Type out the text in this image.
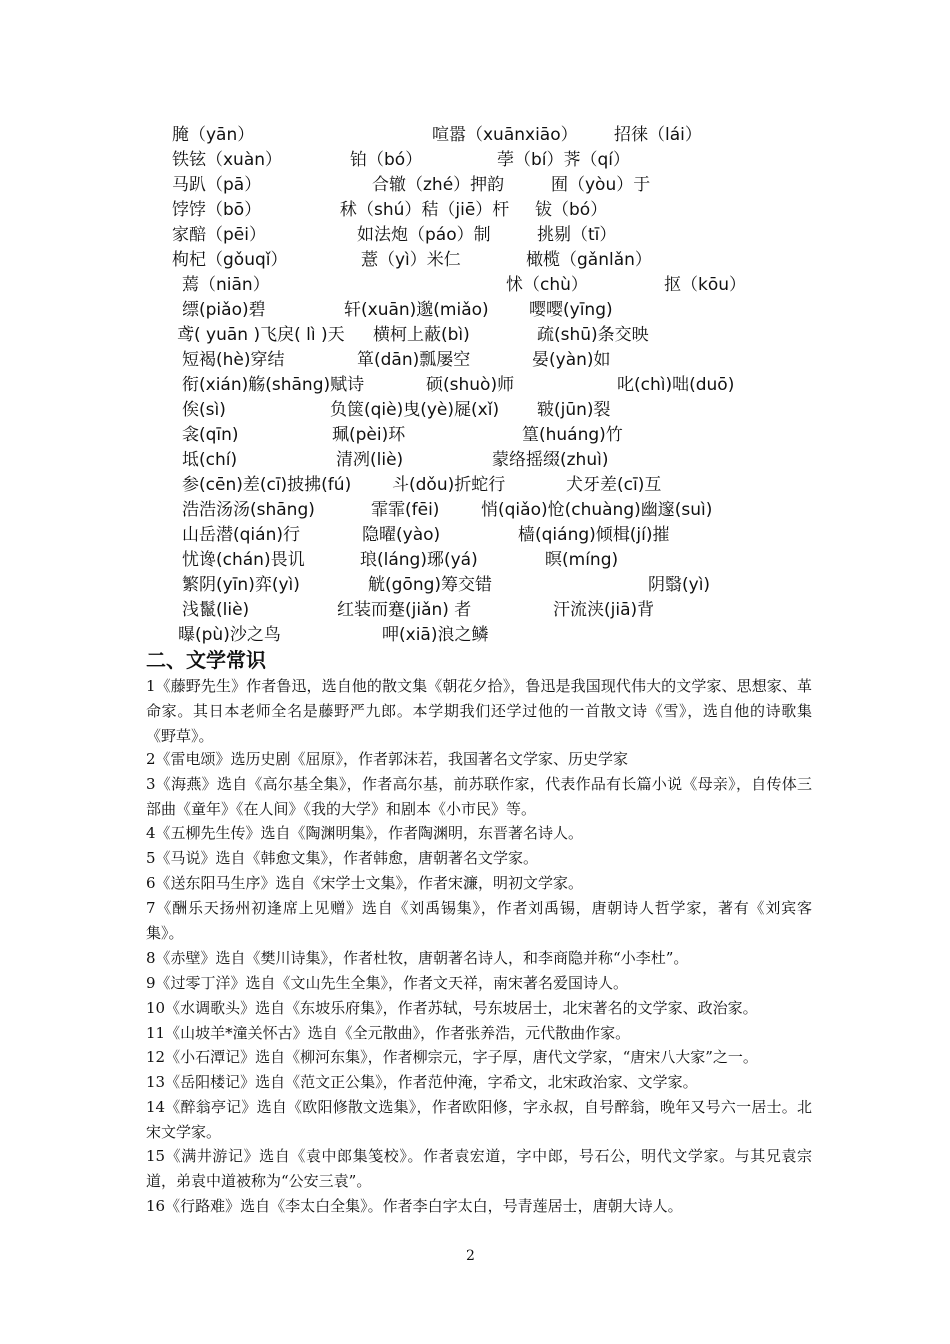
腌（yān）	喧嚣（xuānxiāo） 招徕（lái）
铁铉（xuàn）	铂（bó）	荸（bí）荠（qí）
马趴（pā）	合辙（zhé）押韵	囿（yòu）于
饽饽（bō）	秫（shú）秸（jiē）杆 钹（bó）
家醅（pēi）	如法炮（páo）制	挑剔（tī）
枸杞（gǒuqǐ）	薏（yì）米仁	橄榄（gǎnlǎn）
蔫（niān）	怵（chù）	抠（kōu）
缥(piǎo)碧	轩(xuān)邈(miǎo) 嘤嘤(yīng)
鸢( yuān )飞戾( lì )天 横柯上蔽(bì)	疏(shū)条交映
短褐(hè)穿结	箪(dān)瓢屡空	晏(yàn)如
衔(xián)觞(shāng)赋诗	硕(shuò)师	叱(chì)咄(duō)
俟(sì)	负箧(qiè)曳(yè)屣(xǐ) 皲(jūn)裂
衾(qīn)	珮(pèi)环	篁(huáng)竹
坻(chí)	清冽(liè)	蒙络摇缀(zhuì)
参(cēn)差(cī)披拂(fú) 斗(dǒu)折蛇行	犬牙差(cī)互
浩浩汤汤(shāng)	霏霏(fēi) 悄(qiǎo)怆(chuàng)幽邃(suì)
山岳潜(qián)行	隐曜(yào)	樯(qiáng)倾楫(jí)摧
忧谗(chán)畏讥	琅(láng)琊(yá)	暝(míng)
繁阴(yīn)弈(yì)	觥(gōng)筹交错	阴翳(yì)
浅鬣(liè)	红装而蹇(jiǎn) 者	汗流浃(jiā)背
曝(pù)沙之鸟	呷(xiā)浪之鳞
二、文学常识
1《藤野先生》作者鲁迅，选自他的散文集《朝花夕拾》，鲁迅是我国现代伟大的文学家、思想家、革命家。其日本老师全名是藤野严九郎。本学期我们还学过他的一首散文诗《雪》，选自他的诗歌集《野草》。
2《雷电颂》选历史剧《屈原》，作者郭沫若，我国著名文学家、历史学家
3《海燕》选自《高尔基全集》，作者高尔基，前苏联作家，代表作品有长篇小说《母亲》，自传体三部曲《童年》《在人间》《我的大学》和剧本《小市民》等。
4《五柳先生传》选自《陶渊明集》，作者陶渊明，东晋著名诗人。
5《马说》选自《韩愈文集》，作者韩愈，唐朝著名文学家。
6《送东阳马生序》选自《宋学士文集》，作者宋濂，明初文学家。
7《酬乐天扬州初逢席上见赠》选自《刘禹锡集》，作者刘禹锡，唐朝诗人哲学家，著有《刘宾客集》。
8《赤壁》选自《樊川诗集》，作者杜牧，唐朝著名诗人，和李商隐并称“小李杜”。
9《过零丁洋》选自《文山先生全集》，作者文天祥，南宋著名爱国诗人。
10《水调歌头》选自《东坡乐府集》，作者苏轼，号东坡居士，北宋著名的文学家、政治家。
11《山坡羊*潼关怀古》选自《全元散曲》，作者张养浩，元代散曲作家。
12《小石潭记》选自《柳河东集》，作者柳宗元，字子厚，唐代文学家，“唐宋八大家”之一。
13《岳阳楼记》选自《范文正公集》，作者范仲淹，字希文，北宋政治家、文学家。
14《醉翁亭记》选自《欧阳修散文选集》，作者欧阳修，字永叔，自号醉翁，晚年又号六一居士。北宋文学家。
15《满井游记》选自《袁中郎集笺校》。作者袁宏道，字中郎，号石公，明代文学家。与其兄袁宗道，弟袁中道被称为“公安三袁”。
16《行路难》选自《李太白全集》。作者李白字太白，号青莲居士，唐朝大诗人。
2
